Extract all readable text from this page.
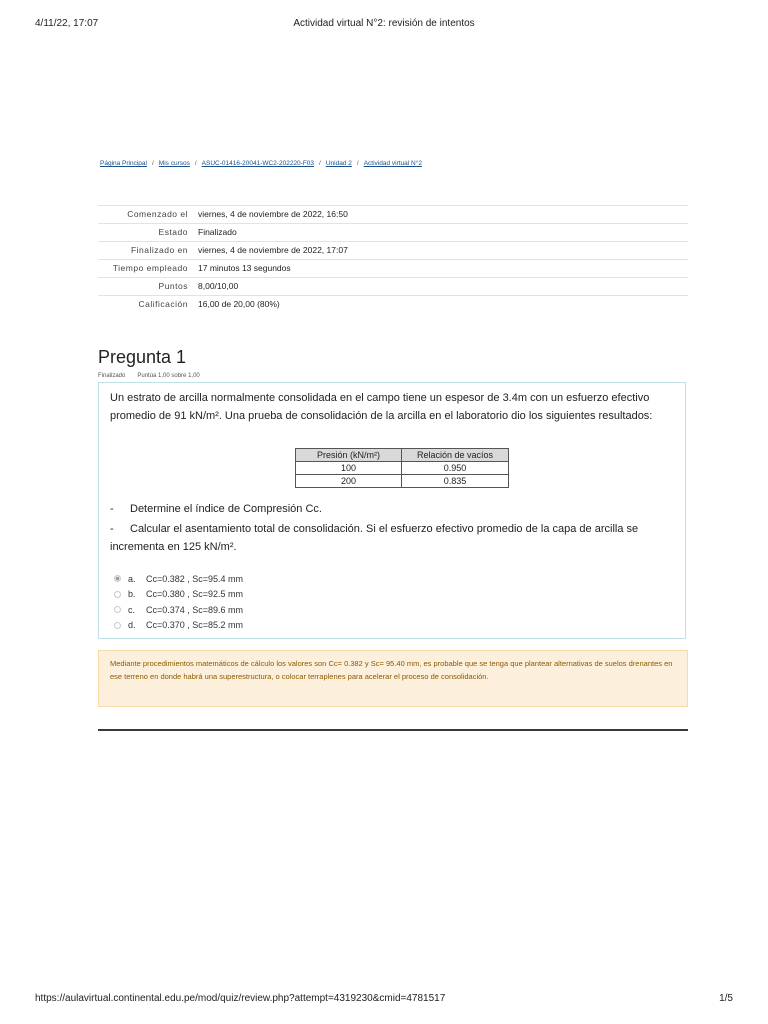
4/11/22, 17:07	Actividad virtual N°2: revisión de intentos
Página Principal / Mis cursos / ASUC-01416-20041-WC2-202220-F03 / Unidad 2 / Actividad virtual N°2
Comenzado el	viernes, 4 de noviembre de 2022, 16:50
Estado	Finalizado
Finalizado en	viernes, 4 de noviembre de 2022, 17:07
Tiempo empleado	17 minutos 13 segundos
Puntos	8,00/10,00
Calificación	16,00 de 20,00 (80%)
Pregunta 1
Finalizado Puntúa 1,00 sobre 1,00
Un estrato de arcilla normalmente consolidada en el campo tiene un espesor de 3.4m con un esfuerzo efectivo promedio de 91 kN/m². Una prueba de consolidación de la arcilla en el laboratorio dio los siguientes resultados:
Presión (kN/m²)	Relación de vacíos
100	0.950
200	0.835
- Determine el índice de Compresión Cc.
- Calcular el asentamiento total de consolidación. Si el esfuerzo efectivo promedio de la capa de arcilla se incrementa en 125 kN/m².
a.	Cc=0.382 , Sc=95.4 mm
b.	Cc=0.380 , Sc=92.5 mm
c.	Cc=0.374 , Sc=89.6 mm
d.	Cc=0.370 , Sc=85.2 mm
Mediante procedimientos matemáticos de cálculo los valores son Cc= 0.382 y Sc= 95.40 mm, es probable que se tenga que plantear alternativas de suelos drenantes en ese terreno en donde habrá una superestructura, o colocar terraplenes para acelerar el proceso de consolidación.
https://aulavirtual.continental.edu.pe/mod/quiz/review.php?attempt=4319230&cmid=4781517	1/5
